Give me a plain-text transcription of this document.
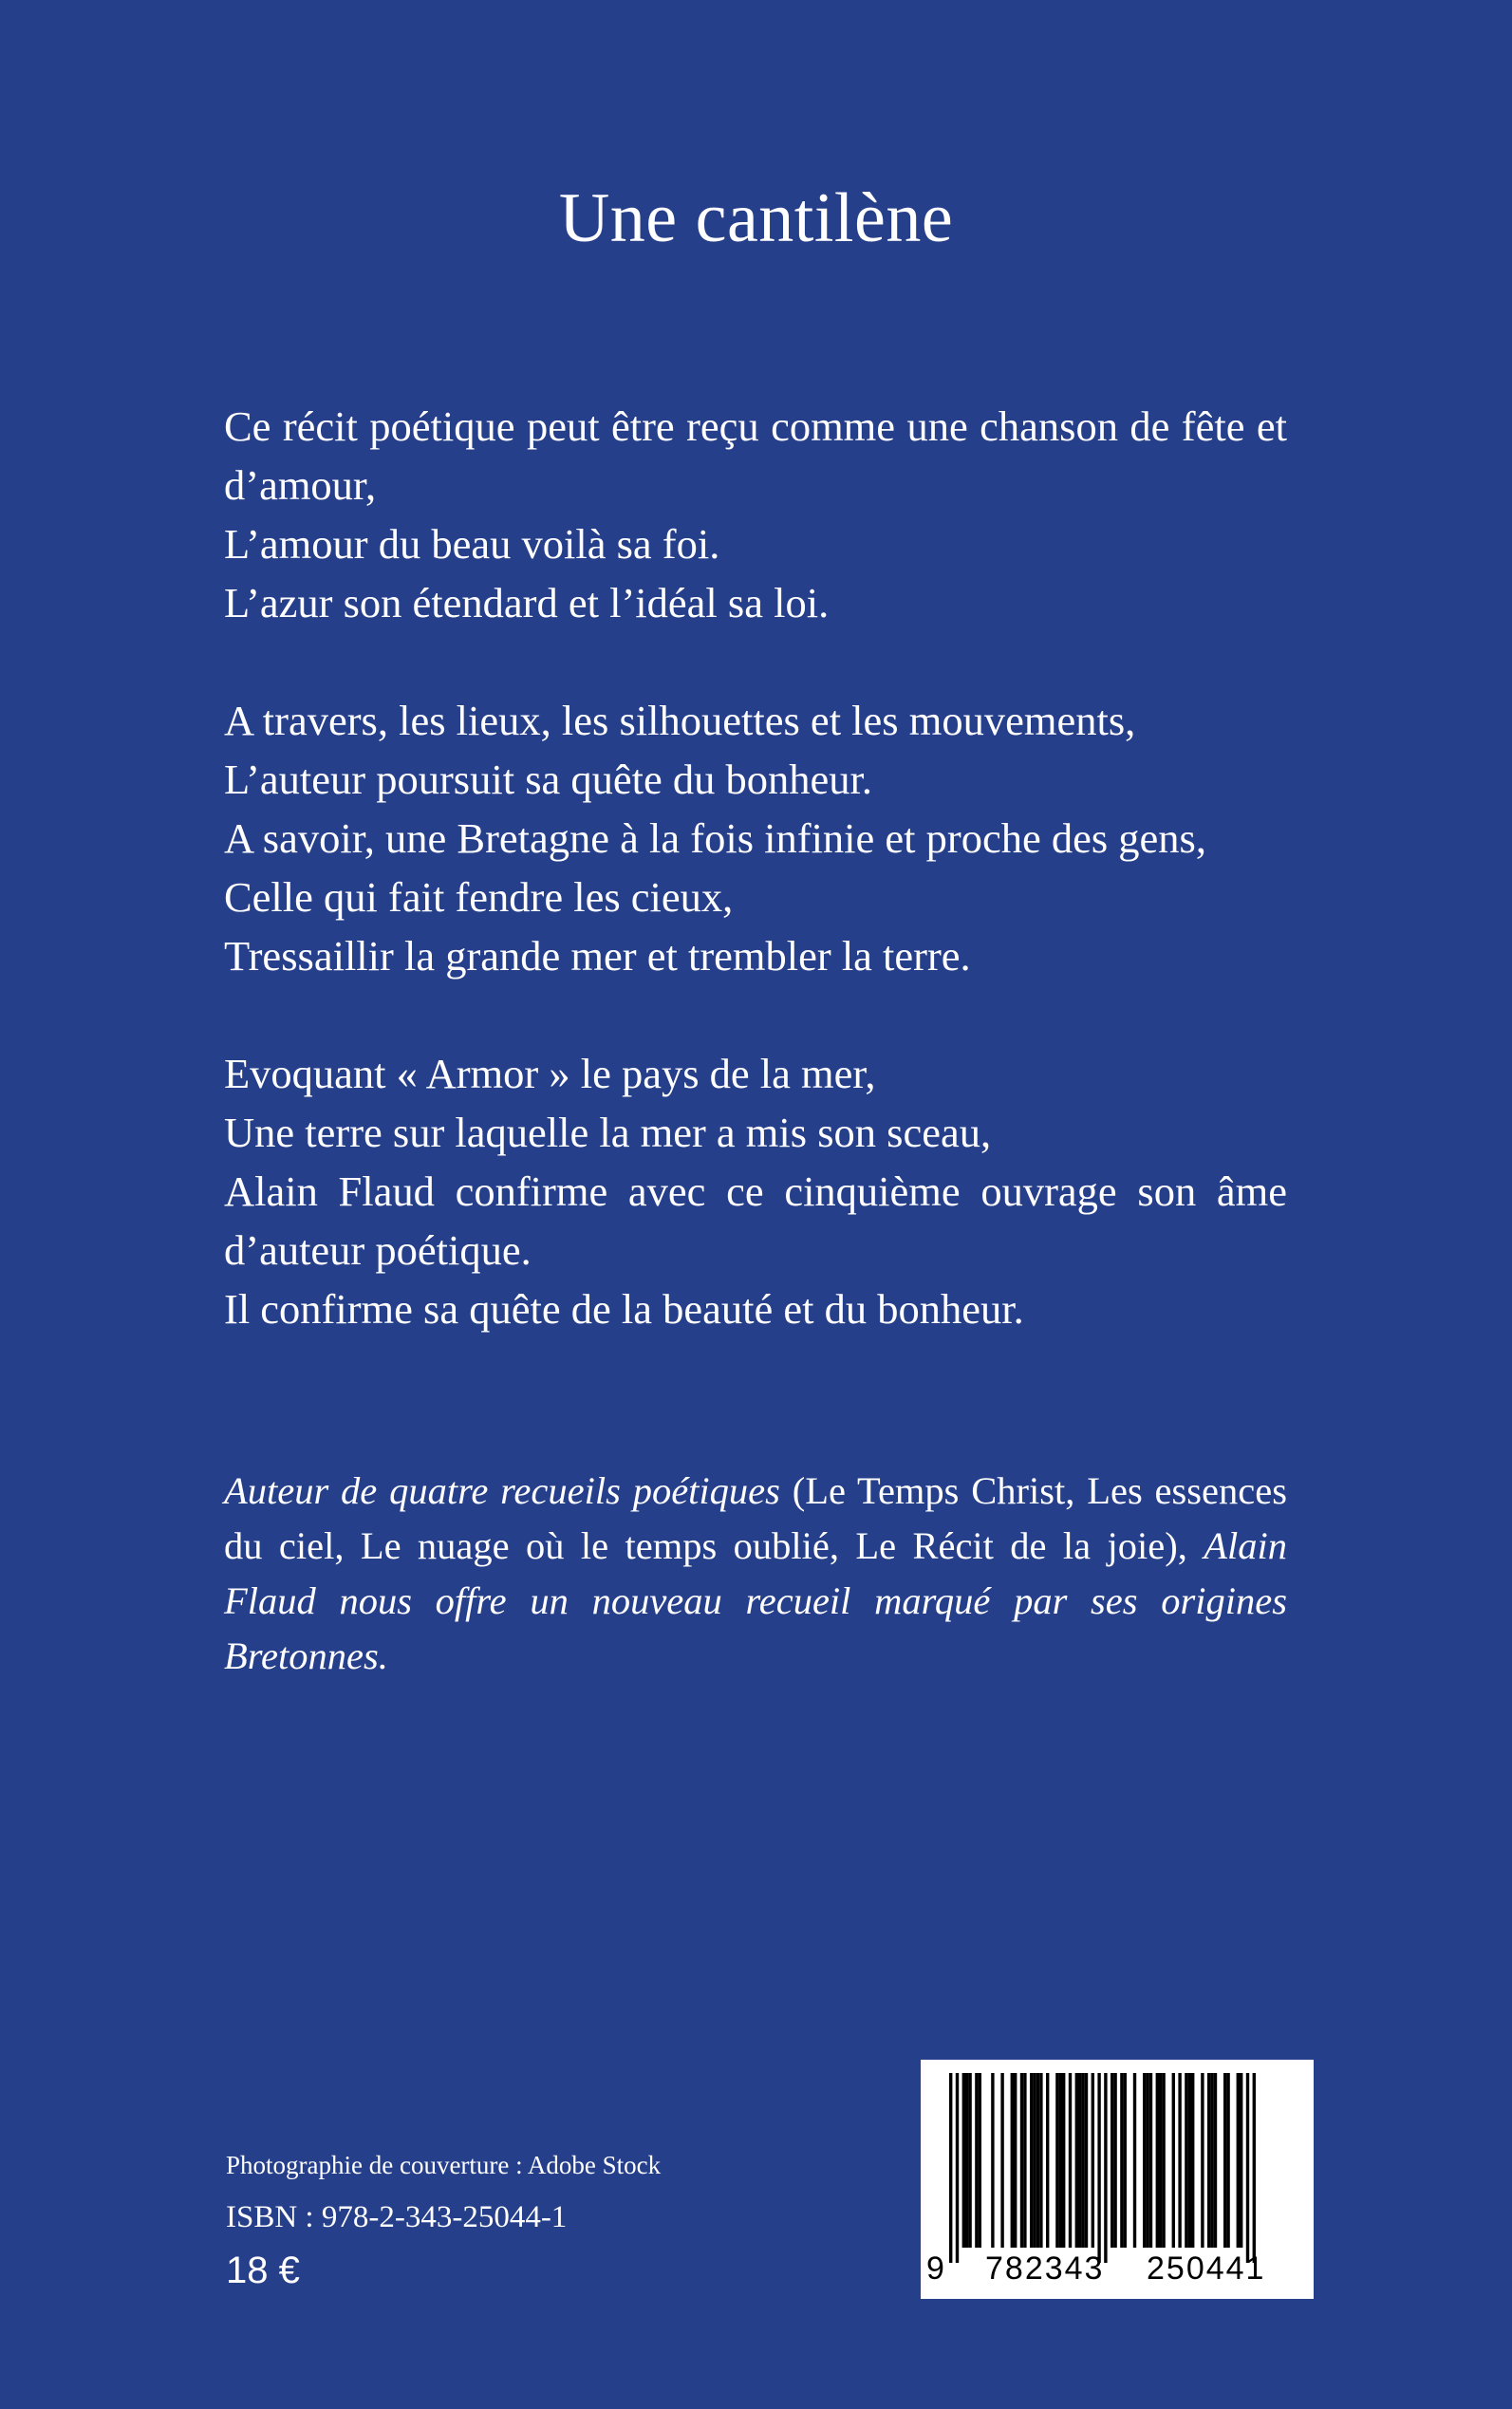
Une cantilène
Ce récit poétique peut être reçu comme une chanson de fête et d’amour,
L’amour du beau voilà sa foi.
L’azur son étendard et l’idéal sa loi.
A travers, les lieux, les silhouettes et les mouvements,
L’auteur poursuit sa quête du bonheur.
A savoir, une Bretagne à la fois infinie et proche des gens,
Celle qui fait fendre les cieux,
Tressaillir la grande mer et trembler la terre.
Evoquant « Armor » le pays de la mer,
Une terre sur laquelle la mer a mis son sceau,
Alain Flaud confirme avec ce cinquième ouvrage son âme d’auteur poétique.
Il confirme sa quête de la beauté et du bonheur.
Auteur de quatre recueils poétiques (Le Temps Christ, Les essences du ciel, Le nuage où le temps oublié, Le Récit de la joie), Alain Flaud nous offre un nouveau recueil marqué par ses origines Bretonnes.
Photographie de couverture : Adobe Stock
ISBN : 978-2-343-25044-1
18 €	9 782343 250441
